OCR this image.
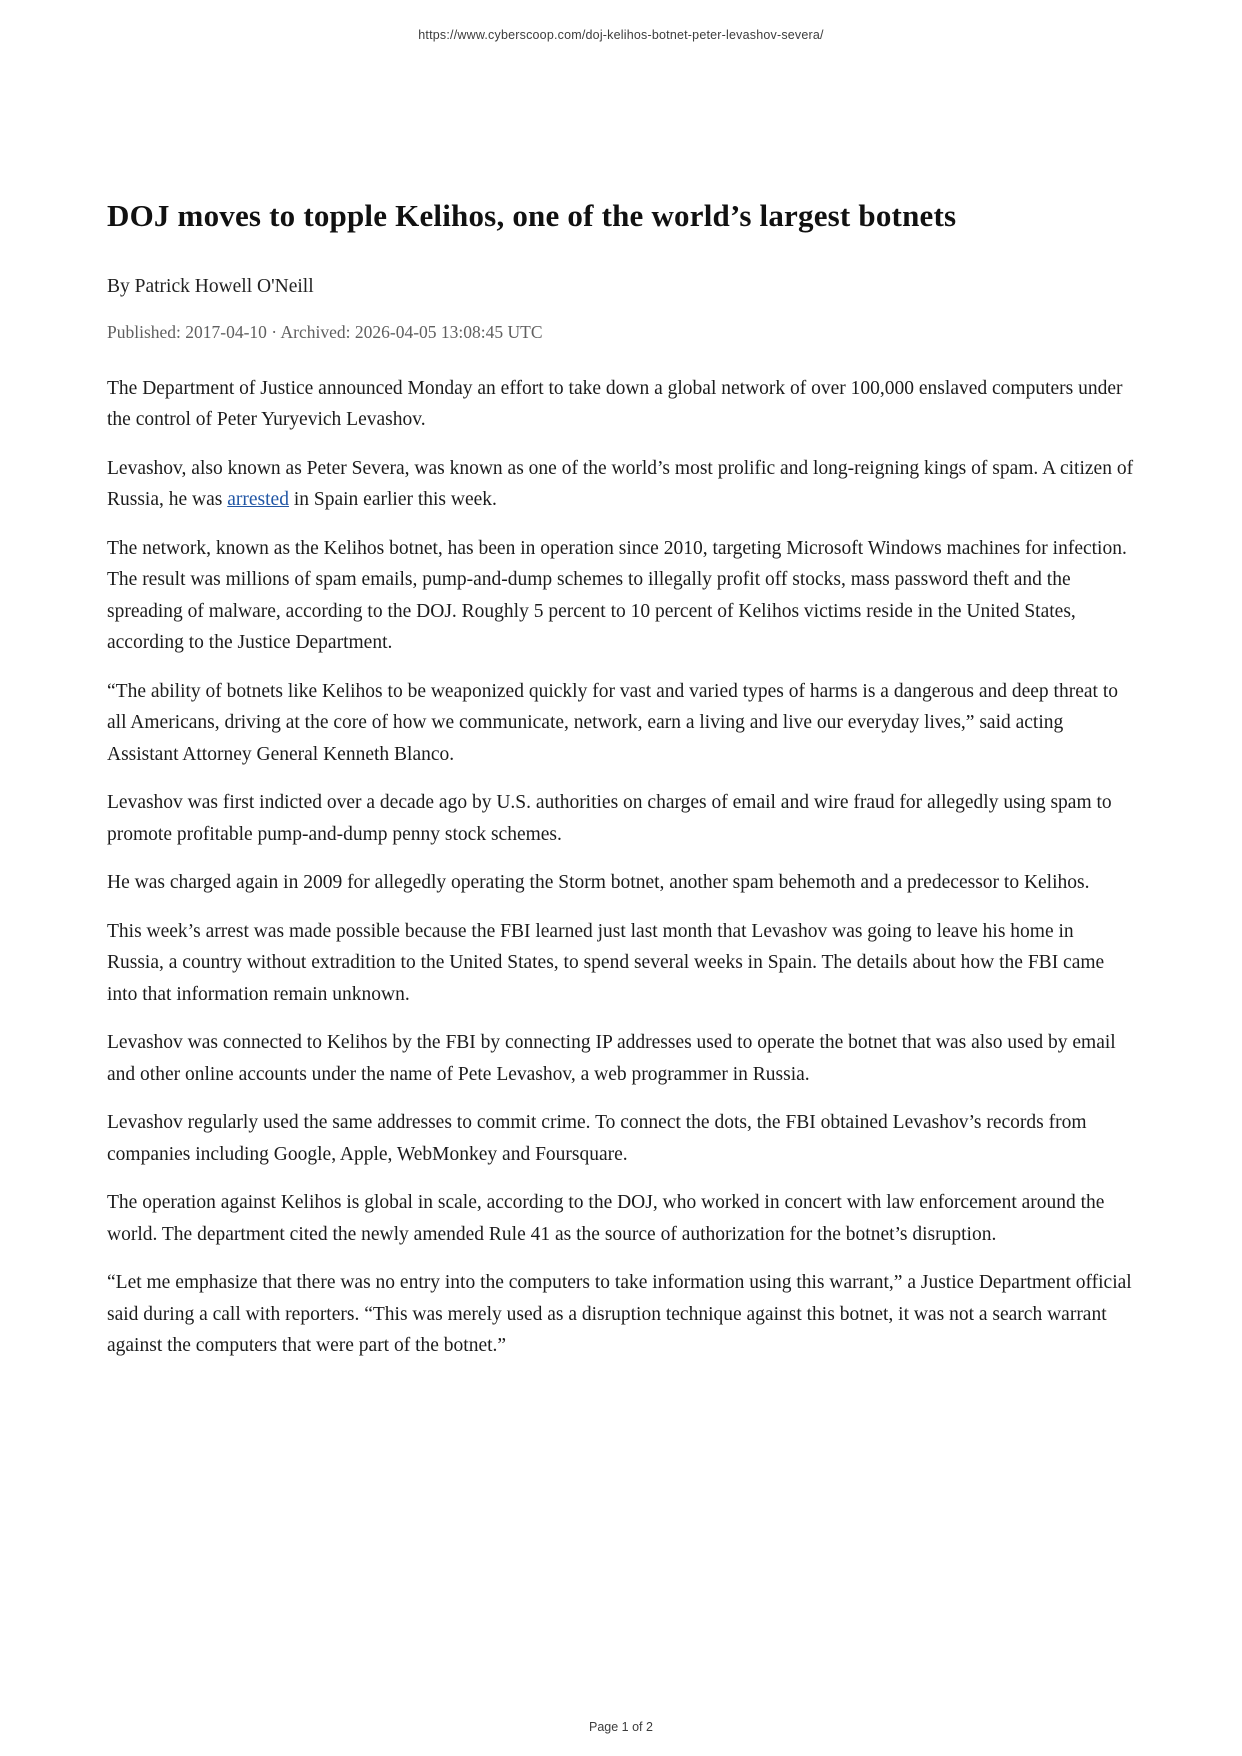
https://www.cyberscoop.com/doj-kelihos-botnet-peter-levashov-severa/
DOJ moves to topple Kelihos, one of the world’s largest botnets
By Patrick Howell O'Neill
Published: 2017-04-10 · Archived: 2026-04-05 13:08:45 UTC

The Department of Justice announced Monday an effort to take down a global network of over 100,000 enslaved computers under the control of Peter Yuryevich Levashov.

Levashov, also known as Peter Severa, was known as one of the world’s most prolific and long-reigning kings of spam. A citizen of Russia, he was arrested in Spain earlier this week.

The network, known as the Kelihos botnet, has been in operation since 2010, targeting Microsoft Windows machines for infection. The result was millions of spam emails, pump-and-dump schemes to illegally profit off stocks, mass password theft and the spreading of malware, according to the DOJ. Roughly 5 percent to 10 percent of Kelihos victims reside in the United States, according to the Justice Department.

“The ability of botnets like Kelihos to be weaponized quickly for vast and varied types of harms is a dangerous and deep threat to all Americans, driving at the core of how we communicate, network, earn a living and live our everyday lives,” said acting Assistant Attorney General Kenneth Blanco.

Levashov was first indicted over a decade ago by U.S. authorities on charges of email and wire fraud for allegedly using spam to promote profitable pump-and-dump penny stock schemes.

He was charged again in 2009 for allegedly operating the Storm botnet, another spam behemoth and a predecessor to Kelihos.

This week’s arrest was made possible because the FBI learned just last month that Levashov was going to leave his home in Russia, a country without extradition to the United States, to spend several weeks in Spain. The details about how the FBI came into that information remain unknown.

Levashov was connected to Kelihos by the FBI by connecting IP addresses used to operate the botnet that was also used by email and other online accounts under the name of Pete Levashov, a web programmer in Russia.

Levashov regularly used the same addresses to commit crime. To connect the dots, the FBI obtained Levashov’s records from companies including Google, Apple, WebMonkey and Foursquare.

The operation against Kelihos is global in scale, according to the DOJ, who worked in concert with law enforcement around the world. The department cited the newly amended Rule 41 as the source of authorization for the botnet’s disruption.

“Let me emphasize that there was no entry into the computers to take information using this warrant,” a Justice Department official said during a call with reporters. “This was merely used as a disruption technique against this botnet, it was not a search warrant against the computers that were part of the botnet.”

Page 1 of 2
